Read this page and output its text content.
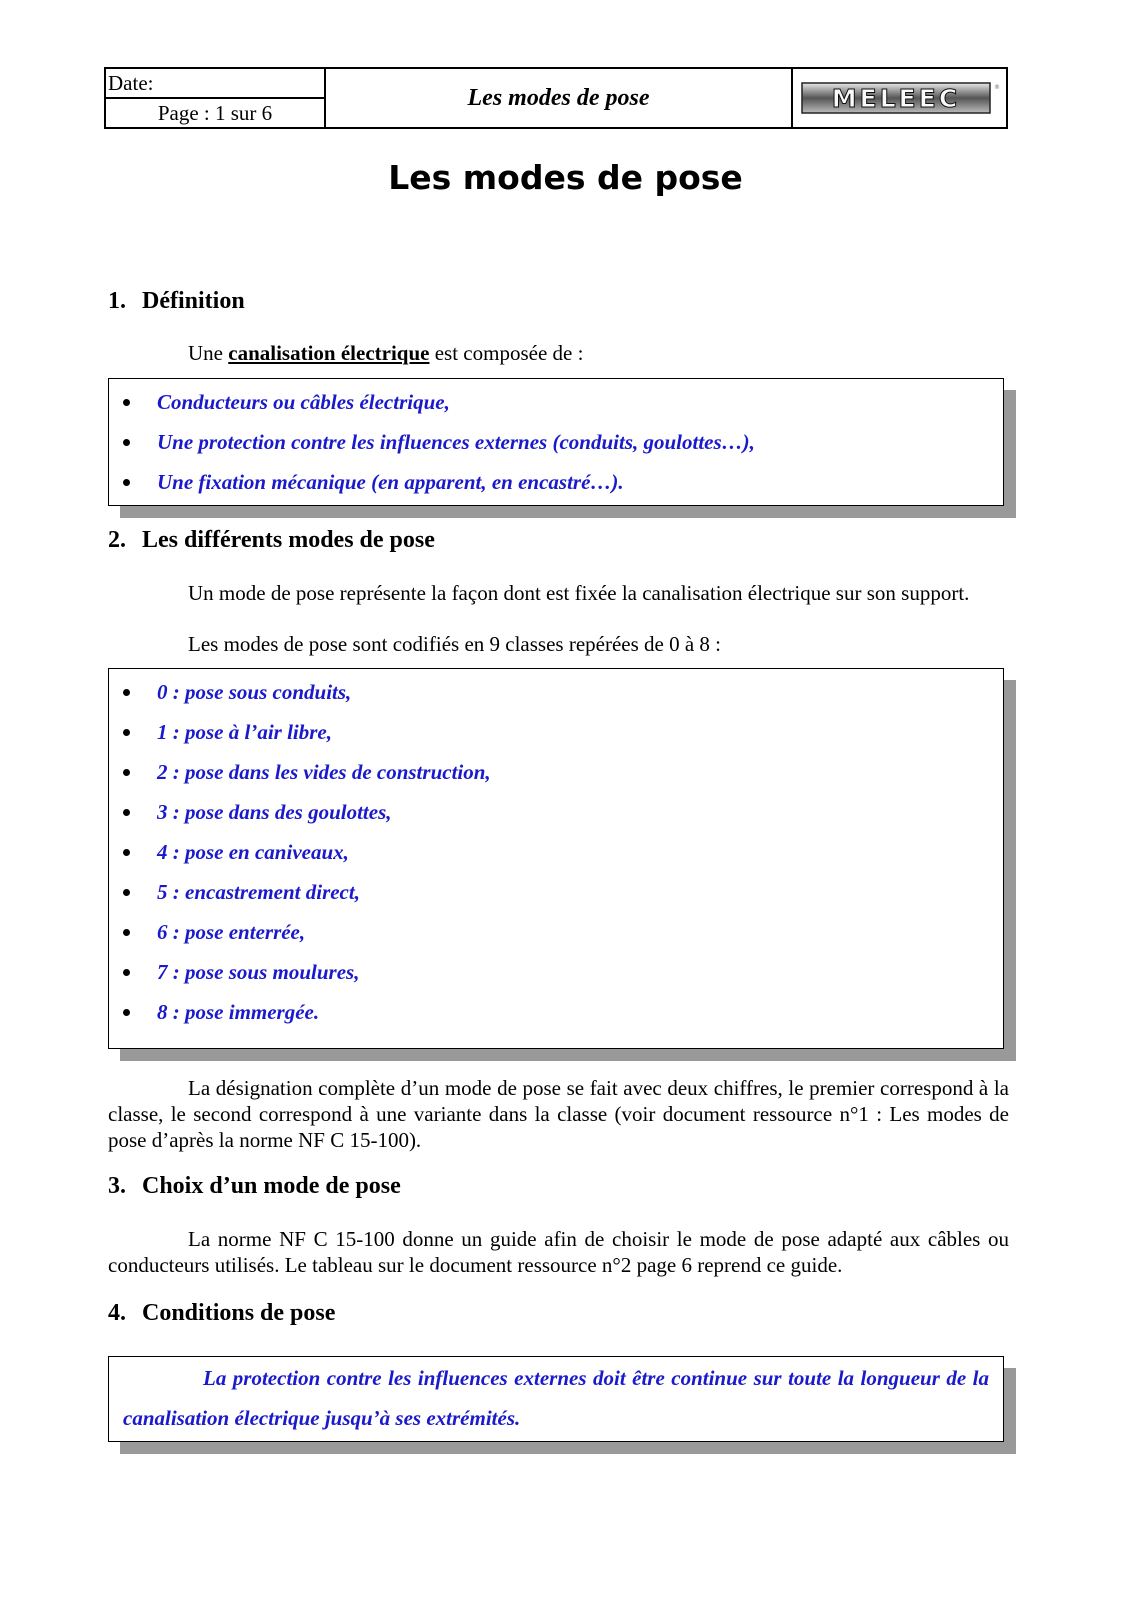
Date:
Page : 1 sur 6
Les modes de pose	MELEEC	®
Les modes de pose
1. Définition

Une canalisation électrique est composée de :

Conducteurs ou câbles électrique,
Une protection contre les influences externes (conduits, goulottes…),
Une fixation mécanique (en apparent, en encastré…).
2. Les différents modes de pose

Un mode de pose représente la façon dont est fixée la canalisation électrique sur son support.

Les modes de pose sont codifiés en 9 classes repérées de 0 à 8 :

0 : pose sous conduits,
1 : pose à l’air libre,
2 : pose dans les vides de construction,
3 : pose dans des goulottes,
4 : pose en caniveaux,
5 : encastrement direct,
6 : pose enterrée,
7 : pose sous moulures,
8 : pose immergée.

La désignation complète d’un mode de pose se fait avec deux chiffres, le premier correspond à la classe, le second correspond à une variante dans la classe (voir document ressource n°1 : Les modes de pose d’après la norme NF C 15-100).

3. Choix d’un mode de pose

La norme NF C 15-100 donne un guide afin de choisir le mode de pose adapté aux câbles ou conducteurs utilisés. Le tableau sur le document ressource n°2 page 6 reprend ce guide.

4. Conditions de pose
La protection contre les influences externes doit être continue sur toute la longueur de la canalisation électrique jusqu’à ses extrémités.
